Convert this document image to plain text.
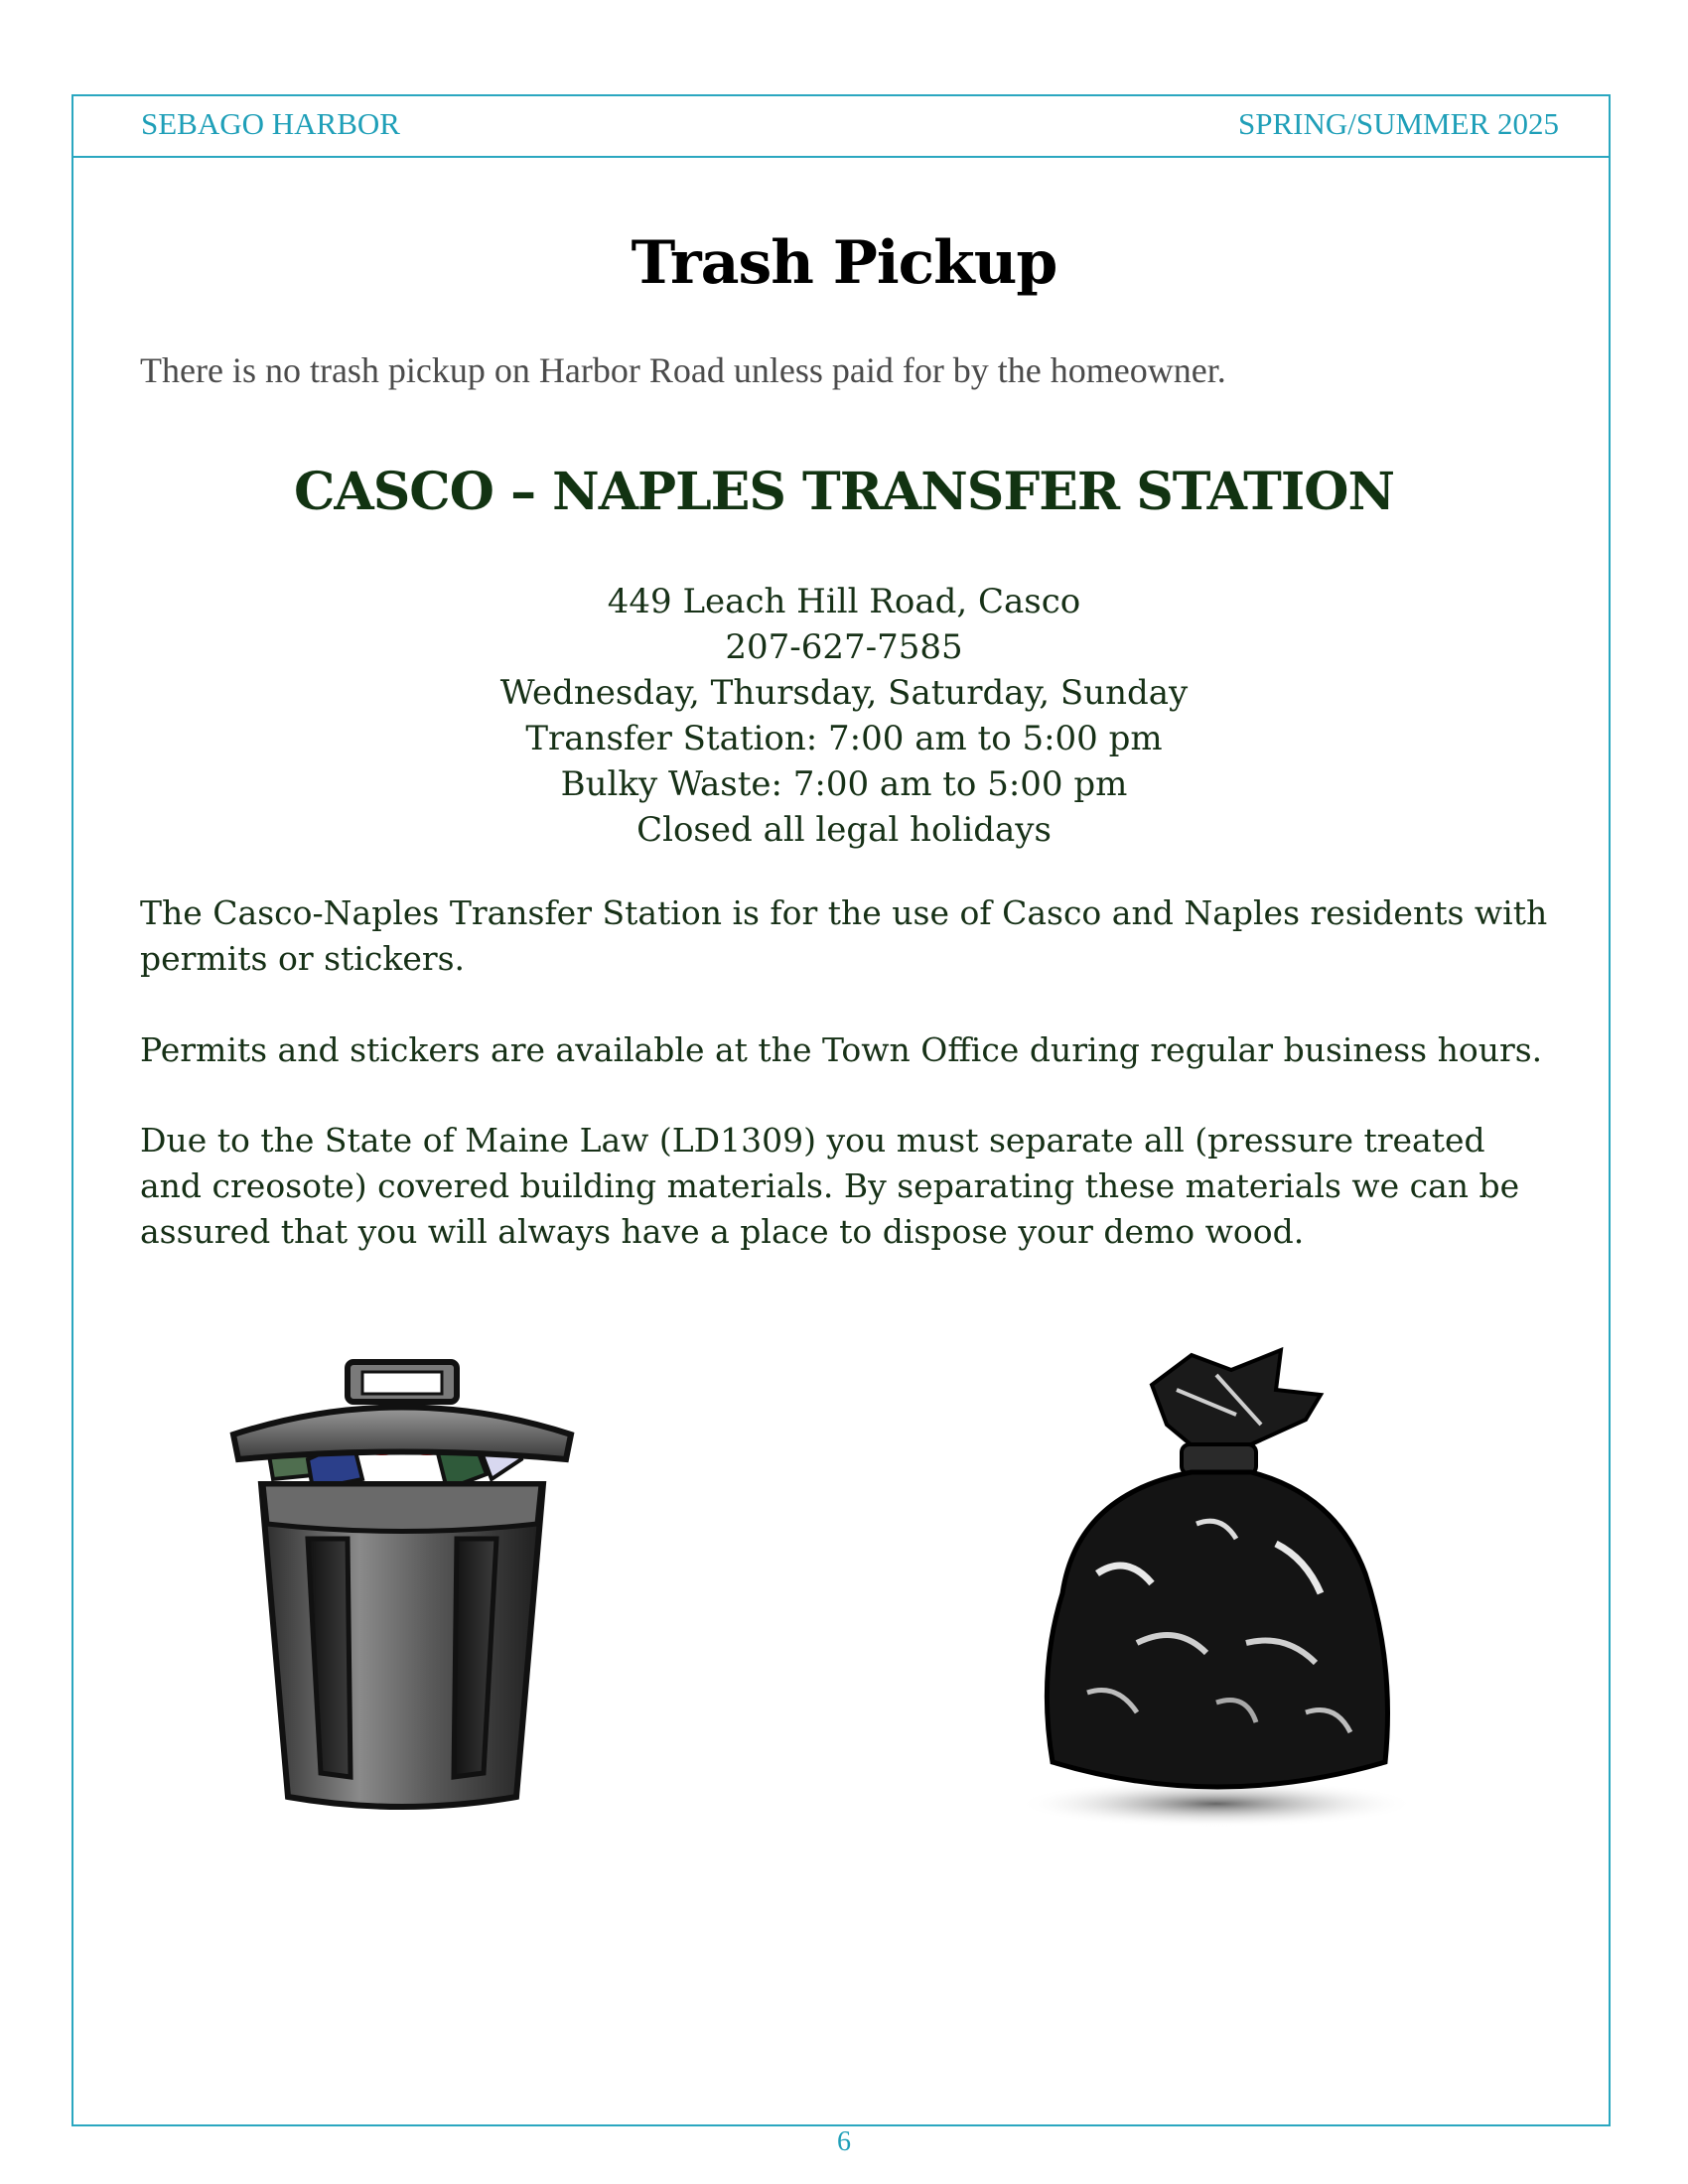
SEBAGO HARBOR	SPRING/SUMMER 2025
Trash Pickup
There is no trash pickup on Harbor Road unless paid for by the homeowner.
CASCO – NAPLES TRANSFER STATION
449 Leach Hill Road, Casco
207-627-7585
Wednesday, Thursday, Saturday, Sunday
Transfer Station: 7:00 am to 5:00 pm
Bulky Waste: 7:00 am to 5:00 pm
Closed all legal holidays
The Casco-Naples Transfer Station is for the use of Casco and Naples residents with permits or stickers.
Permits and stickers are available at the Town Office during regular business hours.
Due to the State of Maine Law (LD1309) you must separate all (pressure treated and creosote) covered building materials. By separating these materials we can be assured that you will always have a place to dispose your demo wood.
6
